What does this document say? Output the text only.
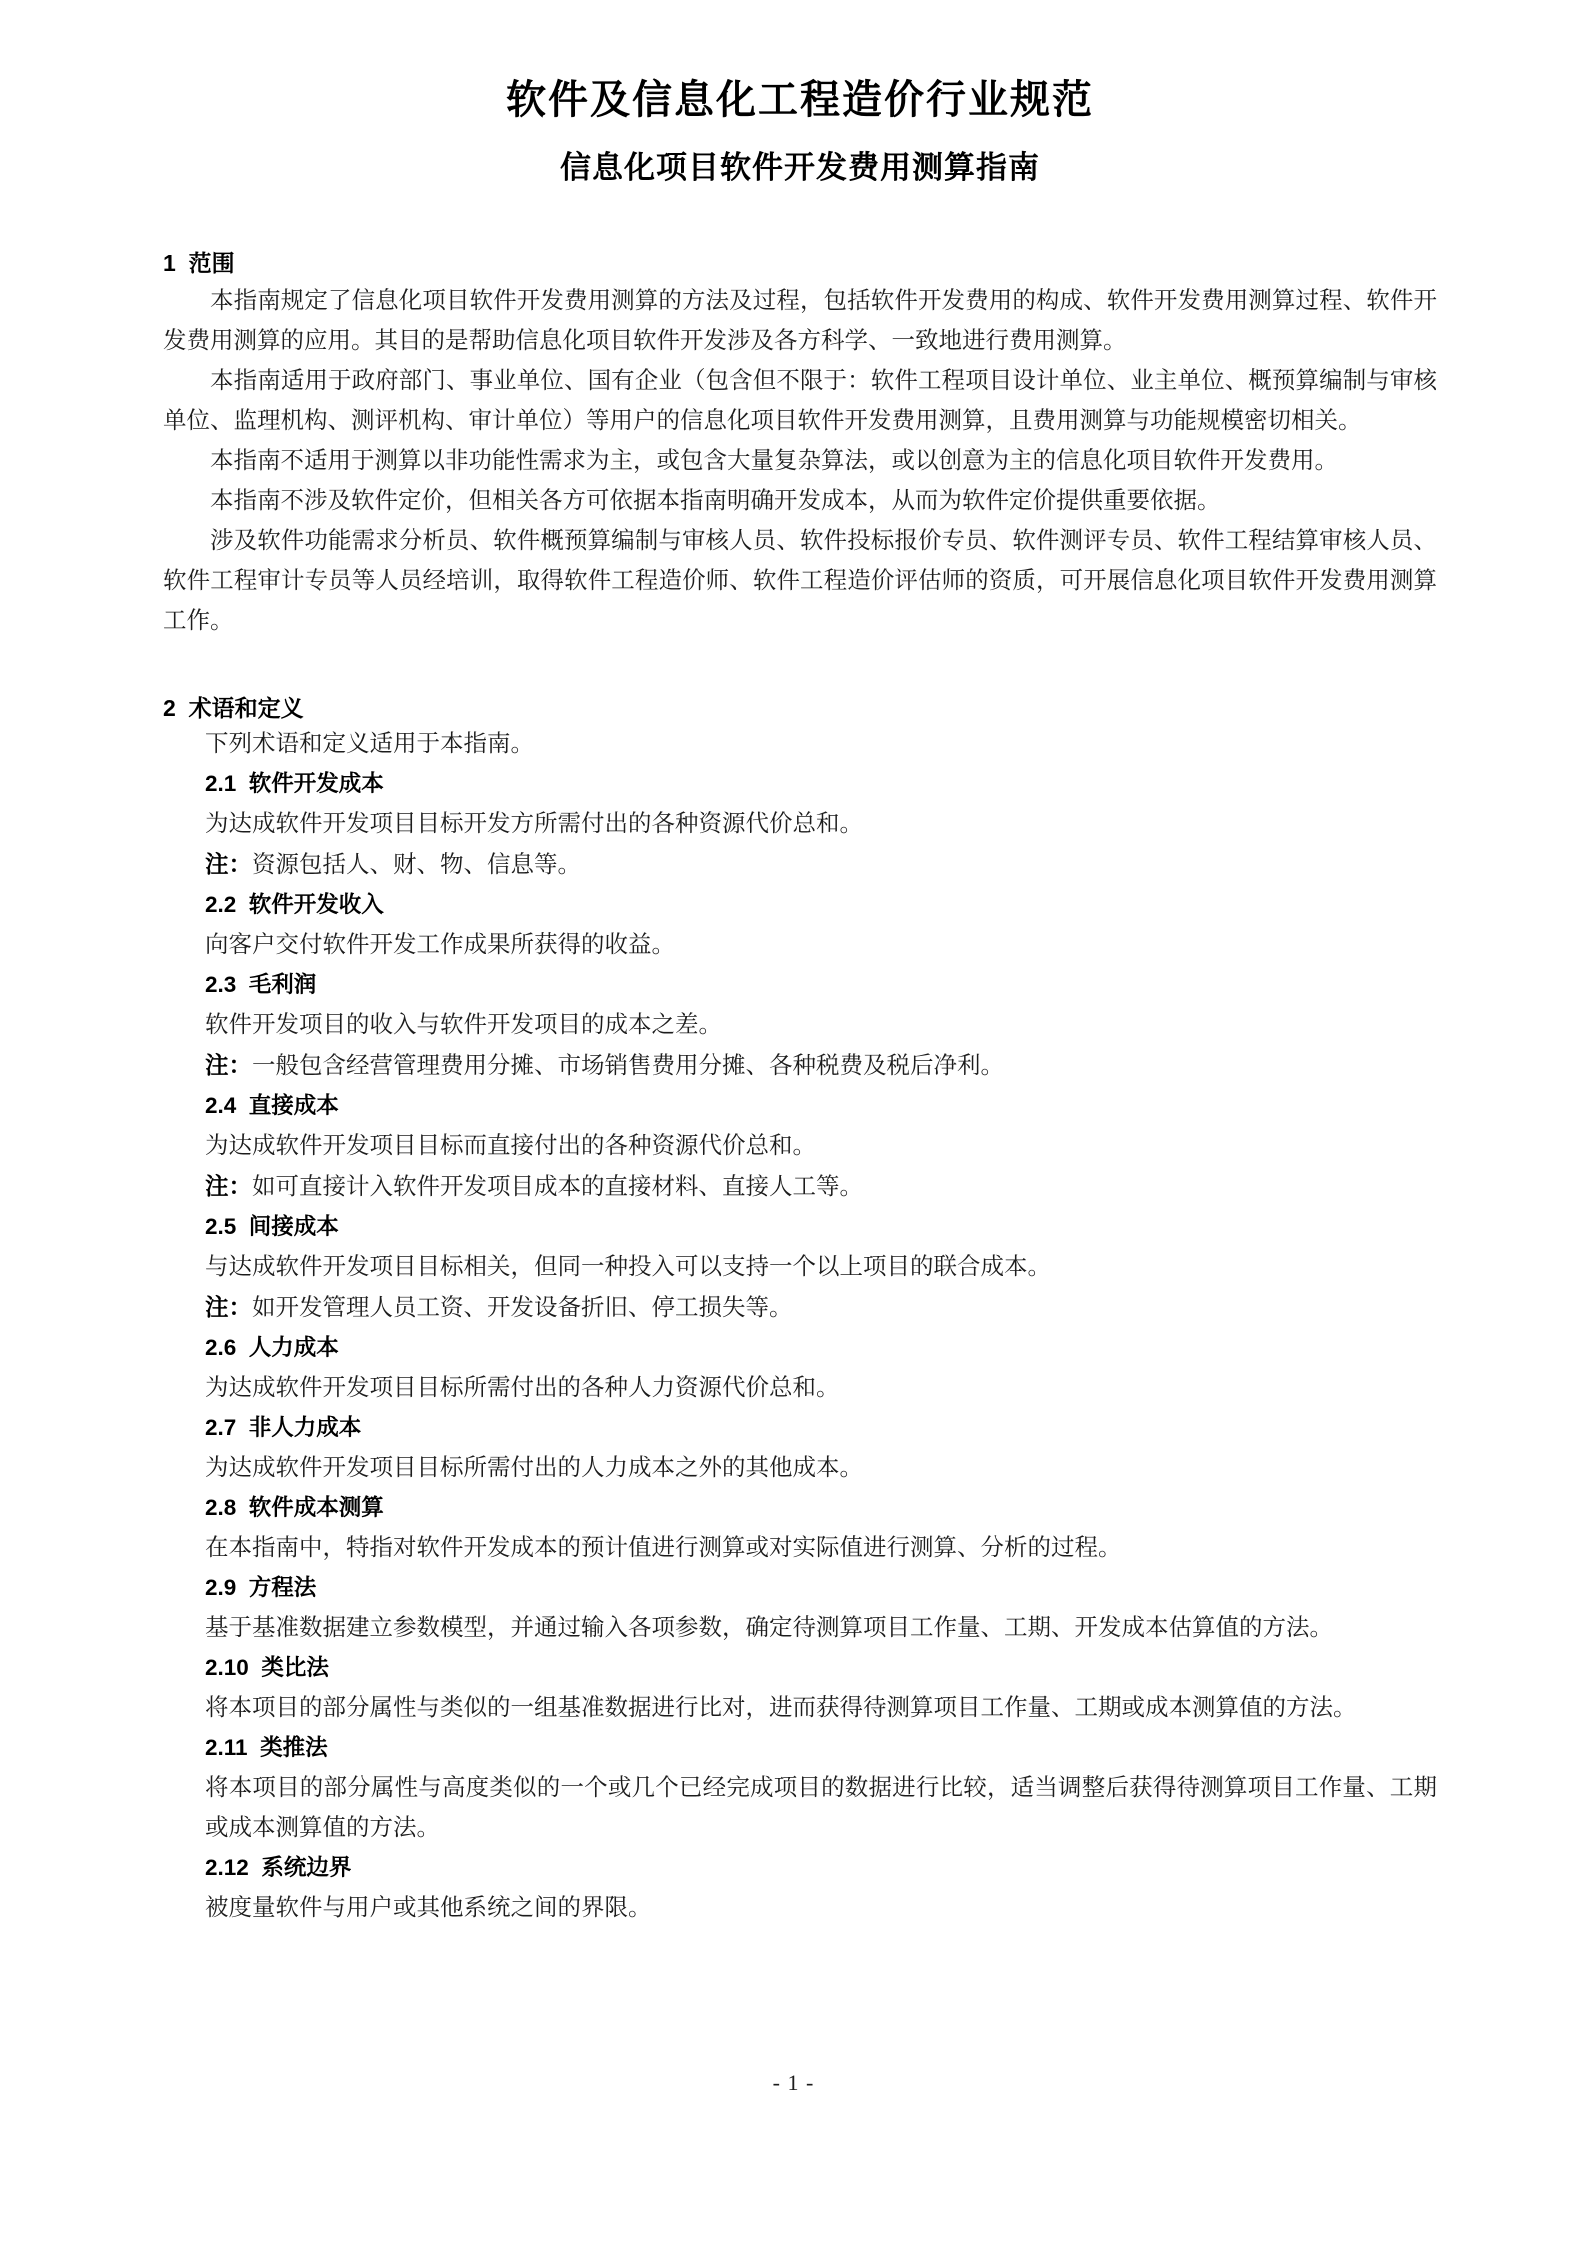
软件及信息化工程造价行业规范
信息化项目软件开发费用测算指南
1  范围

本指南规定了信息化项目软件开发费用测算的方法及过程，包括软件开发费用的构成、软件开发费用测算过程、软件开发费用测算的应用。其目的是帮助信息化项目软件开发涉及各方科学、一致地进行费用测算。

本指南适用于政府部门、事业单位、国有企业（包含但不限于：软件工程项目设计单位、业主单位、概预算编制与审核单位、监理机构、测评机构、审计单位）等用户的信息化项目软件开发费用测算，且费用测算与功能规模密切相关。

本指南不适用于测算以非功能性需求为主，或包含大量复杂算法，或以创意为主的信息化项目软件开发费用。

本指南不涉及软件定价，但相关各方可依据本指南明确开发成本，从而为软件定价提供重要依据。

涉及软件功能需求分析员、软件概预算编制与审核人员、软件投标报价专员、软件测评专员、软件工程结算审核人员、软件工程审计专员等人员经培训，取得软件工程造价师、软件工程造价评估师的资质，可开展信息化项目软件开发费用测算工作。

2  术语和定义

下列术语和定义适用于本指南。

2.1 软件开发成本

为达成软件开发项目目标开发方所需付出的各种资源代价总和。

注：资源包括人、财、物、信息等。

2.2 软件开发收入

向客户交付软件开发工作成果所获得的收益。

2.3 毛利润

软件开发项目的收入与软件开发项目的成本之差。

注：一般包含经营管理费用分摊、市场销售费用分摊、各种税费及税后净利。

2.4 直接成本

为达成软件开发项目目标而直接付出的各种资源代价总和。

注：如可直接计入软件开发项目成本的直接材料、直接人工等。

2.5 间接成本

与达成软件开发项目目标相关，但同一种投入可以支持一个以上项目的联合成本。

注：如开发管理人员工资、开发设备折旧、停工损失等。

2.6 人力成本

为达成软件开发项目目标所需付出的各种人力资源代价总和。

2.7 非人力成本

为达成软件开发项目目标所需付出的人力成本之外的其他成本。

2.8 软件成本测算

在本指南中，特指对软件开发成本的预计值进行测算或对实际值进行测算、分析的过程。

2.9 方程法

基于基准数据建立参数模型，并通过输入各项参数，确定待测算项目工作量、工期、开发成本估算值的方法。

2.10 类比法

将本项目的部分属性与类似的一组基准数据进行比对，进而获得待测算项目工作量、工期或成本测算值的方法。

2.11 类推法

将本项目的部分属性与高度类似的一个或几个已经完成项目的数据进行比较，适当调整后获得待测算项目工作量、工期或成本测算值的方法。

2.12 系统边界

被度量软件与用户或其他系统之间的界限。

- 1 -
